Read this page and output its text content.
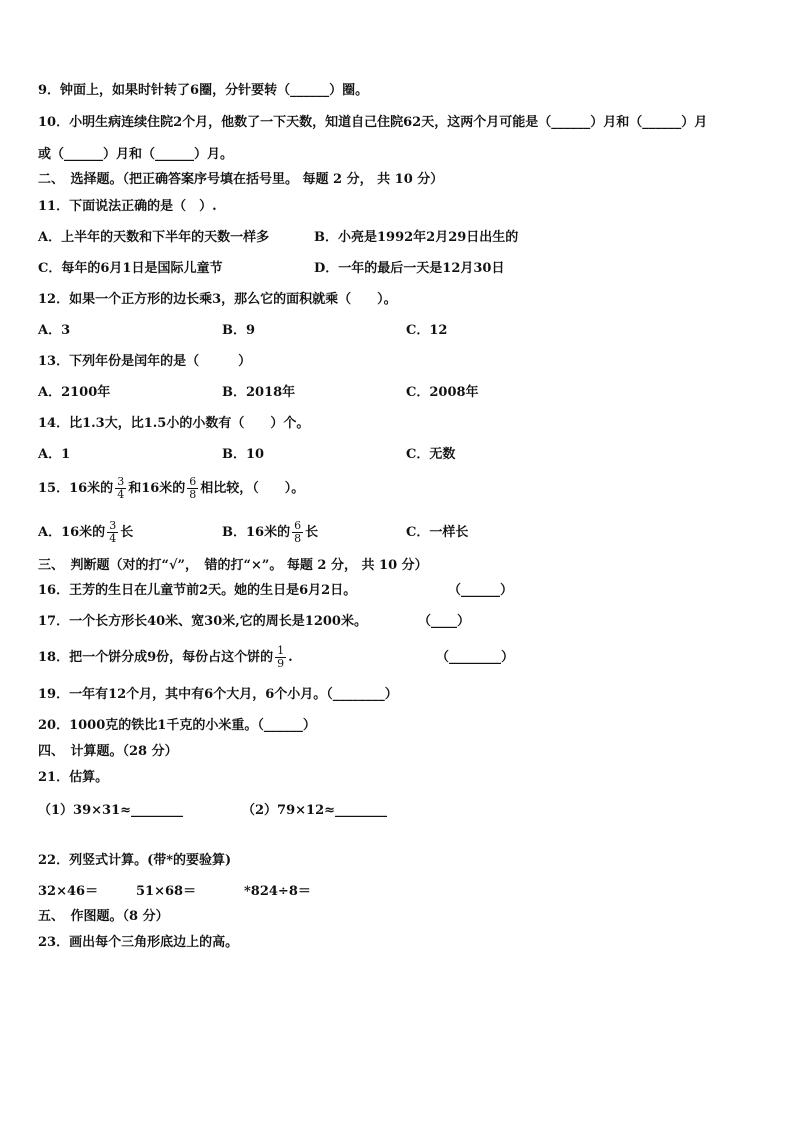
9．钟面上，如果时针转了6圈，分针要转（______）圈。
10．小明生病连续住院2个月，他数了一下天数，知道自己住院62天，这两个月可能是（______）月和（______）月
或（______）月和（______）月。
二、　选择题。（把正确答案序号填在括号里。 每题 2 分， 共 10 分）
11．下面说法正确的是（　）.
A．上半年的天数和下半年的天数一样多	B．小亮是1992年2月29日出生的
C．每年的6月1日是国际儿童节	D．一年的最后一天是12月30日
12．如果一个正方形的边长乘3，那么它的面积就乘（　　）。
A．3	B．9	C．12
13．下列年份是闰年的是（　　　）
A．2100年	B．2018年	C．2008年
14．比1.3大，比1.5小的小数有（　　）个。
A．1	B．10	C．无数
15．16米的 $\frac{3}{4}$ 和16米的 $\frac{6}{8}$ 相比较，（　　）。
A．16米的 $\frac{3}{4}$ 长	B．16米的 $\frac{6}{8}$ 长	C．一样长
三、　判断题（对的打“√”，　错的打“×”。 每题 2 分， 共 10 分）
16．王芳的生日在儿童节前2天。她的生日是6月2日。	（______）
17．一个长方形长40米、宽30米,它的周长是1200米。	（____）
18．把一个饼分成9份，每份占这个饼的 $\frac{1}{9}$ .	（________）
19．一年有12个月，其中有6个大月，6个小月。（________）
20．1000克的铁比1千克的小米重。（______）
四、　计算题。（28 分）
21．估算。
（1）39×31≈________	（2）79×12≈________
22．列竖式计算。(带*的要验算)
32×46＝	51×68＝	*824÷8＝
五、　作图题。（8 分）
23．画出每个三角形底边上的高。
